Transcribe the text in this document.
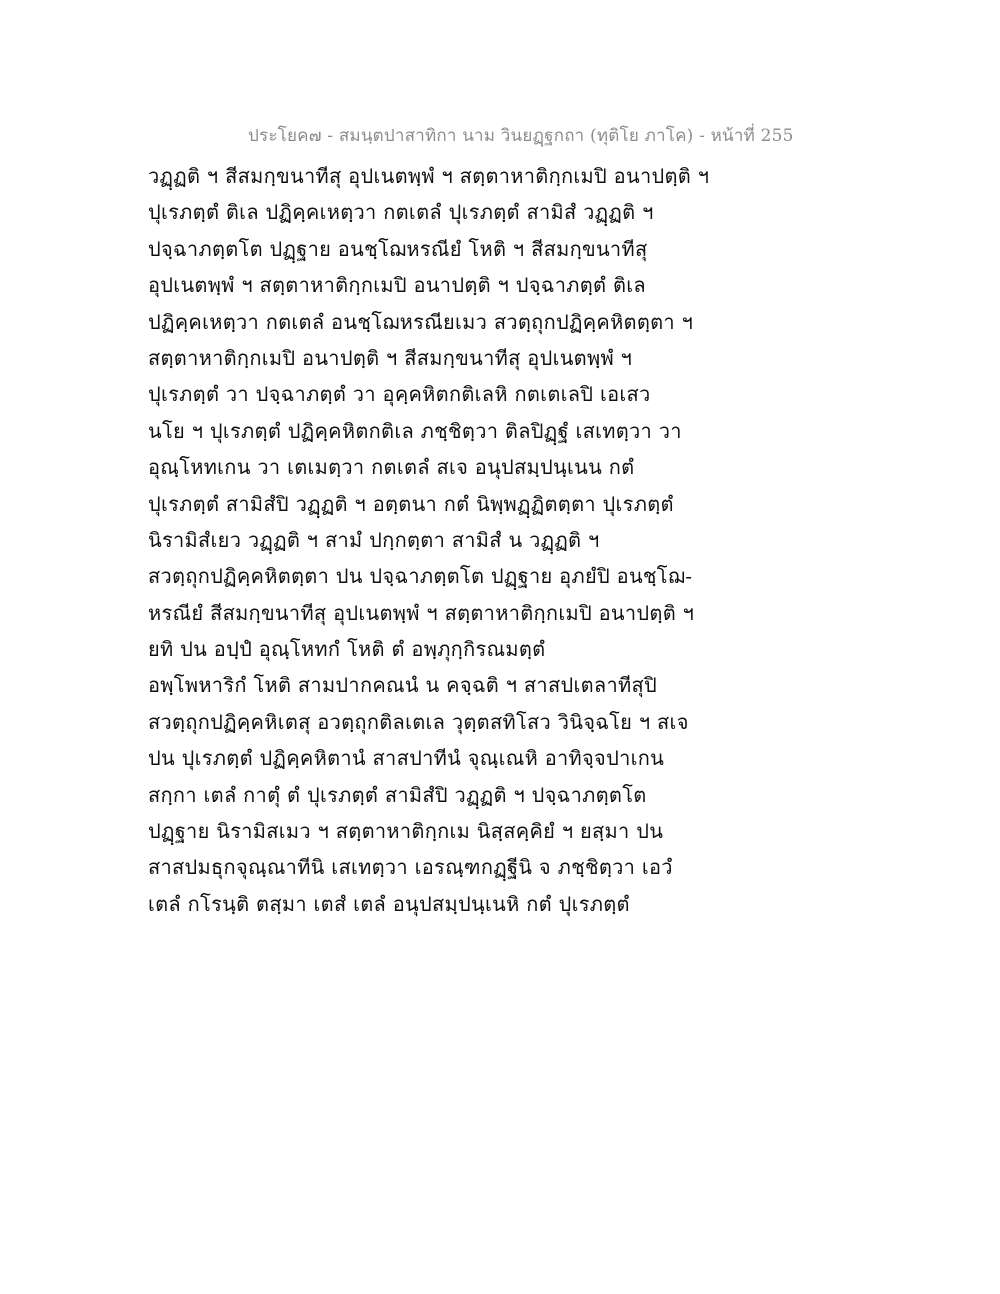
ประโยค๗ - สมนฺตปาสาทิกา นาม วินยฏฺฐกถา (ทุติโย ภาโค) - หน้าที่ 255
วฏฺฏติ ฯ สีสมกฺขนาทีสุ อุปเนตพฺพํ ฯ สตฺตาหาติกฺกเมปิ อนาปตฺติ ฯ
ปุเรภตฺตํ ติเล ปฏิคฺคเหตฺวา กตเตลํ ปุเรภตฺตํ สามิสํ วฏฺฏติ ฯ
ปจฺฉาภตฺตโต ปฏฺฐาย อนชฺโฌหรณียํ โหติ ฯ สีสมกฺขนาทีสุ
อุปเนตพฺพํ ฯ สตฺตาหาติกฺกเมปิ อนาปตฺติ ฯ ปจฺฉาภตฺตํ ติเล
ปฏิคฺคเหตฺวา กตเตลํ อนชฺโฌหรณียเมว สวตฺถุกปฏิคฺคหิตตฺตา ฯ
สตฺตาหาติกฺกเมปิ อนาปตฺติ ฯ สีสมกฺขนาทีสุ อุปเนตพฺพํ ฯ
ปุเรภตฺตํ วา ปจฺฉาภตฺตํ วา อุคฺคหิตกติเลหิ กตเตเลปิ เอเสว
นโย ฯ ปุเรภตฺตํ ปฏิคฺคหิตกติเล ภชฺชิตฺวา ติลปิฏฺฐํ เสเทตฺวา วา
อุณฺโหทเกน วา เตเมตฺวา กตเตลํ สเจ อนุปสมฺปนฺเนน กตํ
ปุเรภตฺตํ สามิสํปิ วฏฺฏติ ฯ อตฺตนา กตํ นิพฺพฏฺฏิตตฺตา ปุเรภตฺตํ
นิรามิสํเยว วฏฺฏติ ฯ สามํ ปกฺกตฺตา สามิสํ น วฏฺฏติ ฯ
สวตฺถุกปฏิคฺคหิตตฺตา ปน ปจฺฉาภตฺตโต ปฏฺฐาย อุภยํปิ อนชฺโฌ-
หรณียํ สีสมกฺขนาทีสุ อุปเนตพฺพํ ฯ สตฺตาหาติกฺกเมปิ อนาปตฺติ ฯ
ยทิ ปน อปฺปํ อุณฺโหทกํ โหติ ตํ อพฺภุกฺกิรณมตฺตํ
อพฺโพหาริกํ โหติ สามปากคณนํ น คจฺฉติ ฯ สาสปเตลาทีสุปิ
สวตฺถุกปฏิคฺคหิเตสุ อวตฺถุกติลเตเล วุตฺตสทิโสว วินิจฺฉโย ฯ สเจ
ปน ปุเรภตฺตํ ปฏิคฺคหิตานํ สาสปาทีนํ จุณฺเณหิ อาทิจฺจปาเกน
สกฺกา เตลํ กาตุํ ตํ ปุเรภตฺตํ สามิสํปิ วฏฺฏติ ฯ ปจฺฉาภตฺตโต
ปฏฺฐาย นิรามิสเมว ฯ สตฺตาหาติกฺกเม นิสฺสคฺคิยํ ฯ ยสฺมา ปน
สาสปมธุกจุณฺณาทีนิ เสเทตฺวา เอรณฺฑกฏฺฐีนิ จ ภชฺชิตฺวา เอวํ
เตลํ กโรนฺติ ตสฺมา เตสํ เตลํ อนุปสมฺปนฺเนหิ กตํ ปุเรภตฺตํ
